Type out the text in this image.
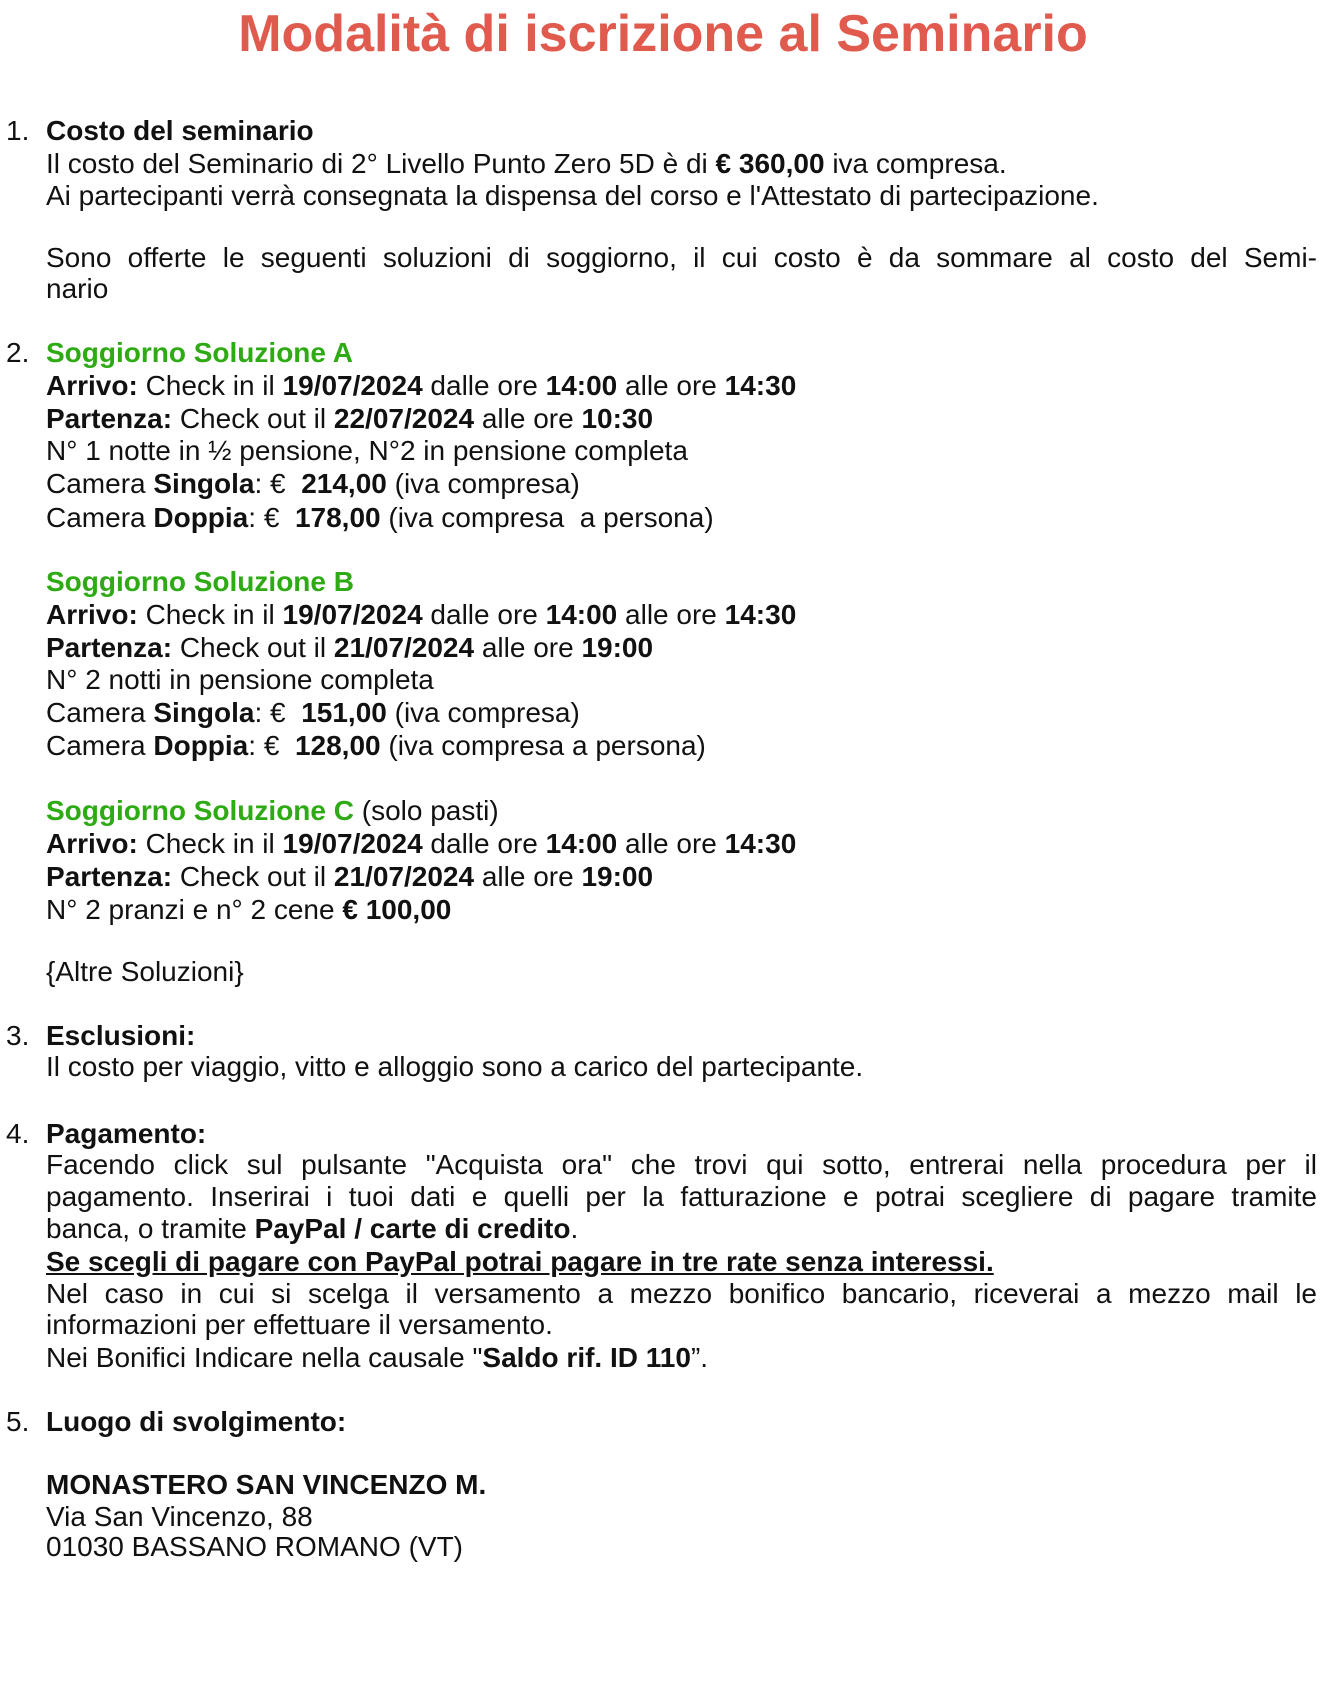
Modalità di iscrizione al Seminario
1. Costo del seminario
Il costo del Seminario di 2° Livello Punto Zero 5D è di € 360,00 iva compresa.
Ai partecipanti verrà consegnata la dispensa del corso e l'Attestato di partecipazione.
Sono offerte le seguenti soluzioni di soggiorno, il cui costo è da sommare al costo del Semi-
nario
2. Soggiorno Soluzione A
Arrivo: Check in il 19/07/2024 dalle ore 14:00 alle ore 14:30
Partenza: Check out il 22/07/2024 alle ore 10:30
N° 1 notte in ½ pensione, N°2 in pensione completa
Camera Singola: €  214,00 (iva compresa)
Camera Doppia: €  178,00 (iva compresa  a persona)
Soggiorno Soluzione B
Arrivo: Check in il 19/07/2024 dalle ore 14:00 alle ore 14:30
Partenza: Check out il 21/07/2024 alle ore 19:00
N° 2 notti in pensione completa
Camera Singola: €  151,00 (iva compresa)
Camera Doppia: €  128,00 (iva compresa a persona)
Soggiorno Soluzione C (solo pasti)
Arrivo: Check in il 19/07/2024 dalle ore 14:00 alle ore 14:30
Partenza: Check out il 21/07/2024 alle ore 19:00
N° 2 pranzi e n° 2 cene € 100,00
{Altre Soluzioni}
3. Esclusioni:
Il costo per viaggio, vitto e alloggio sono a carico del partecipante.
4. Pagamento:
Facendo click sul pulsante "Acquista ora" che trovi qui sotto, entrerai nella procedura per il
pagamento. Inserirai i tuoi dati e quelli per la fatturazione e potrai scegliere di pagare tramite
banca, o tramite PayPal / carte di credito.
Se scegli di pagare con PayPal potrai pagare in tre rate senza interessi.
Nel caso in cui si scelga il versamento a mezzo bonifico bancario, riceverai a mezzo mail le
informazioni per effettuare il versamento.
Nei Bonifici Indicare nella causale "Saldo rif. ID 110”.
5. Luogo di svolgimento:
MONASTERO SAN VINCENZO M.
Via San Vincenzo, 88
01030 BASSANO ROMANO (VT)
